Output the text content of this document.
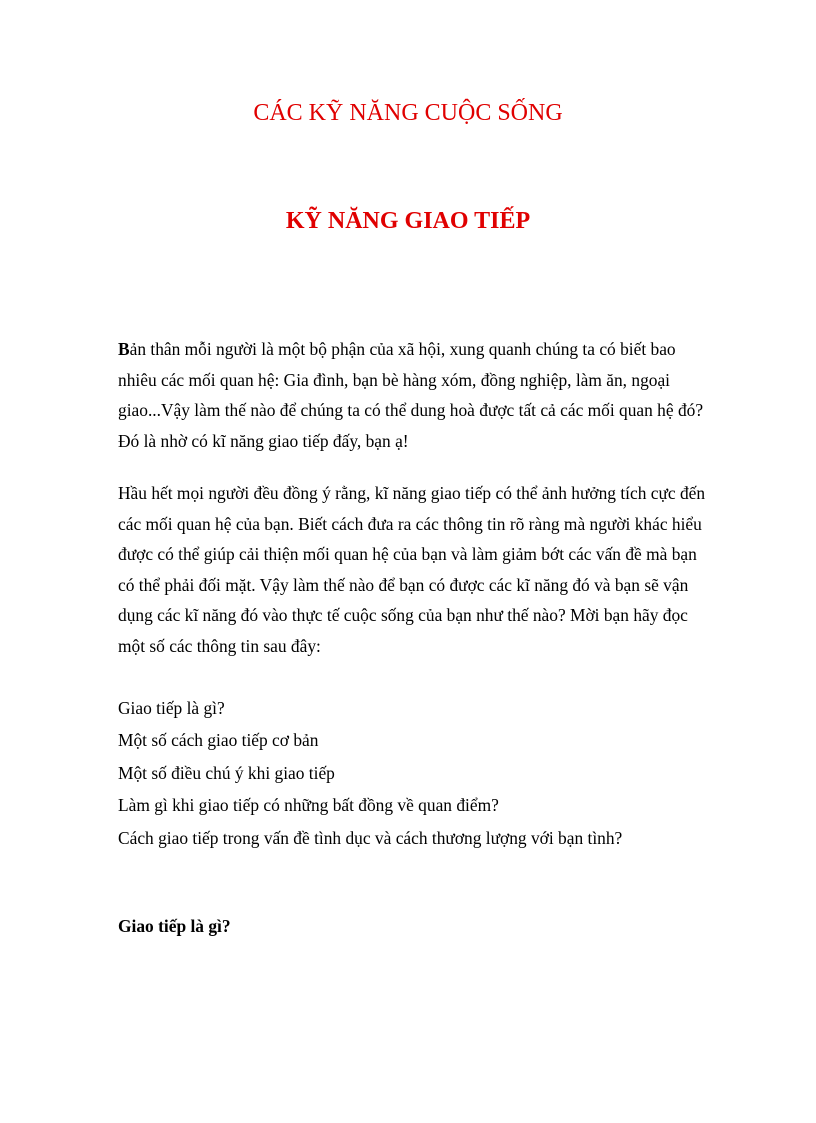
CÁC KỸ NĂNG CUỘC SỐNG
KỸ NĂNG GIAO TIẾP

Bản thân mỗi người là một bộ phận của xã hội, xung quanh chúng ta có biết bao nhiêu các mối quan hệ: Gia đình, bạn bè hàng xóm, đồng nghiệp, làm ăn, ngoại giao...Vậy làm thế nào để chúng ta có thể dung hoà được tất cả các mối quan hệ đó? Đó là nhờ có kĩ năng giao tiếp đấy, bạn ạ!

Hầu hết mọi người đều đồng ý rằng, kĩ năng giao tiếp có thể ảnh hưởng tích cực đến các mối quan hệ của bạn. Biết cách đưa ra các thông tin rõ ràng mà người khác hiểu được có thể giúp cải thiện mối quan hệ của bạn và làm giảm bớt các vấn đề mà bạn có thể phải đối mặt. Vậy làm thế nào để bạn có được các kĩ năng đó và bạn sẽ vận dụng các kĩ năng đó vào thực tế cuộc sống của bạn như thế nào? Mời bạn hãy đọc một số các thông tin sau đây:

Giao tiếp là gì?
Một số cách giao tiếp cơ bản
Một số điều chú ý khi giao tiếp
Làm gì khi giao tiếp có những bất đồng về quan điểm?
Cách giao tiếp trong vấn đề tình dục và cách thương lượng với bạn tình?
Giao tiếp là gì?
